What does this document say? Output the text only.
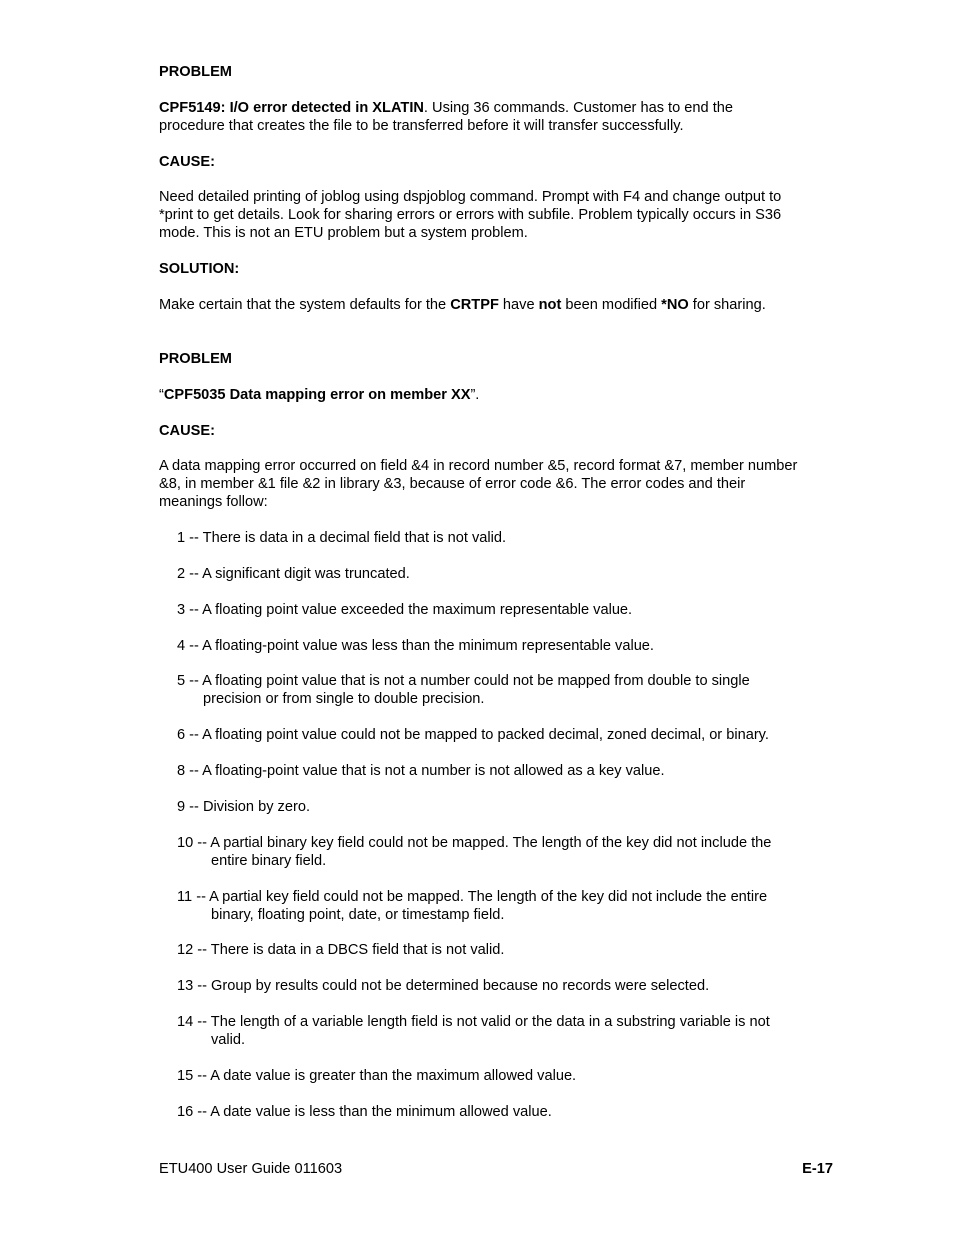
PROBLEM
CPF5149: I/O error detected in XLATIN. Using 36 commands. Customer has to end the
procedure that creates the file to be transferred before it will transfer successfully.
CAUSE:
Need detailed printing of joblog using dspjoblog command. Prompt with F4 and change output to
*print to get details. Look for sharing errors or errors with subfile. Problem typically occurs in S36
mode. This is not an ETU problem but a system problem.
SOLUTION:
Make certain that the system defaults for the CRTPF have not been modified *NO for sharing.
PROBLEM
“CPF5035 Data mapping error on member XX”.
CAUSE:
A data mapping error occurred on field &4 in record number &5, record format &7, member number
&8, in member &1 file &2 in library &3, because of error code &6. The error codes and their
meanings follow:
1 -- There is data in a decimal field that is not valid.
2 -- A significant digit was truncated.
3 -- A floating point value exceeded the maximum representable value.
4 -- A floating-point value was less than the minimum representable value.
5 -- A floating point value that is not a number could not be mapped from double to single
precision or from single to double precision.
6 -- A floating point value could not be mapped to packed decimal, zoned decimal, or binary.
8 -- A floating-point value that is not a number is not allowed as a key value.
9 -- Division by zero.
10 -- A partial binary key field could not be mapped. The length of the key did not include the
entire binary field.
11 -- A partial key field could not be mapped. The length of the key did not include the entire
binary, floating point, date, or timestamp field.
12 -- There is data in a DBCS field that is not valid.
13 -- Group by results could not be determined because no records were selected.
14 -- The length of a variable length field is not valid or the data in a substring variable is not
valid.
15 -- A date value is greater than the maximum allowed value.
16 -- A date value is less than the minimum allowed value.
ETU400 User Guide 011603	E-17
